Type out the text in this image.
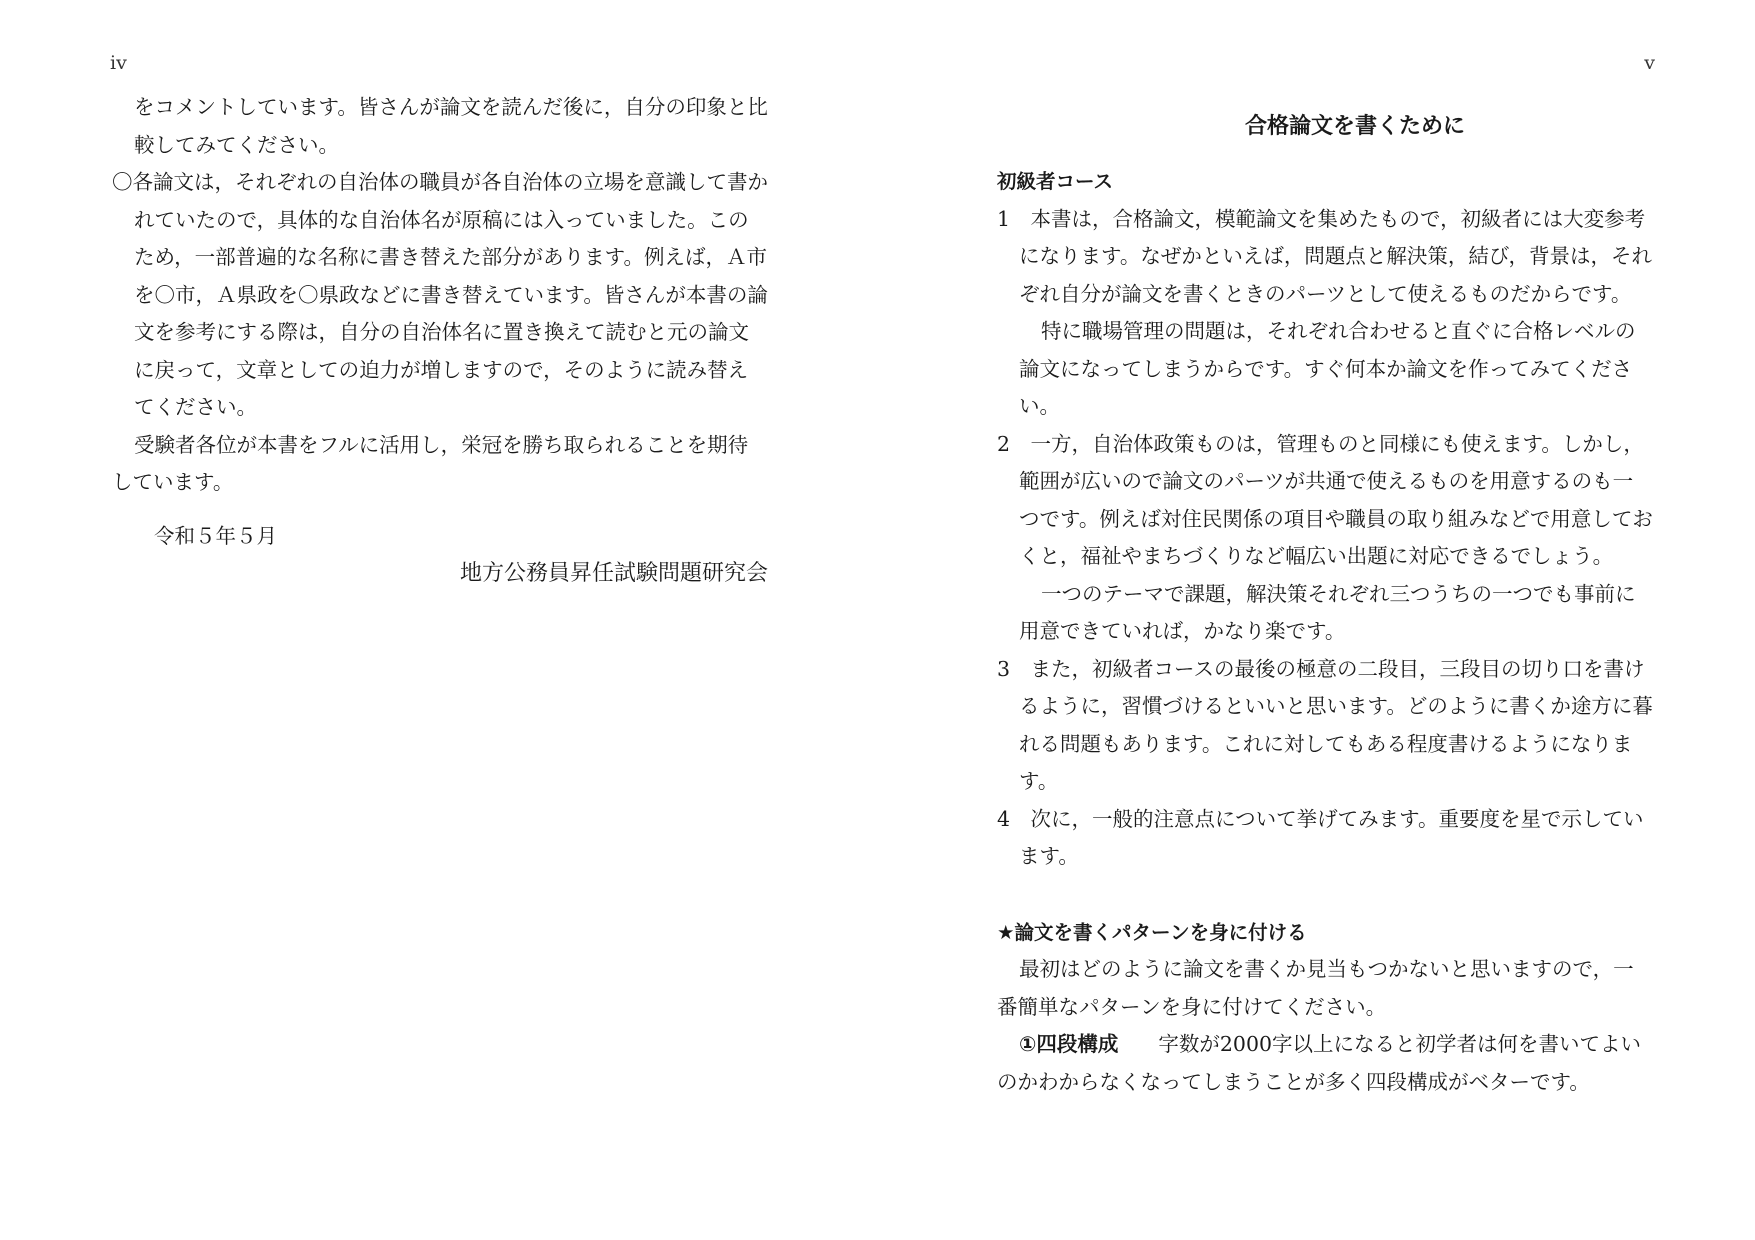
iv

をコメントしています。皆さんが論文を読んだ後に，自分の印象と比較してみてください。

〇各論文は，それぞれの自治体の職員が各自治体の立場を意識して書かれていたので，具体的な自治体名が原稿には入っていました。このため，一部普遍的な名称に書き替えた部分があります。例えば，Ａ市を〇市，Ａ県政を〇県政などに書き替えています。皆さんが本書の論文を参考にする際は，自分の自治体名に置き換えて読むと元の論文に戻って，文章としての迫力が増しますので，そのように読み替えてください。

受験者各位が本書をフルに活用し，栄冠を勝ち取られることを期待しています。

令和５年５月

地方公務員昇任試験問題研究会

v

合格論文を書くために

初級者コース

1　本書は，合格論文，模範論文を集めたもので，初級者には大変参考になります。なぜかといえば，問題点と解決策，結び，背景は，それぞれ自分が論文を書くときのパーツとして使えるものだからです。

特に職場管理の問題は，それぞれ合わせると直ぐに合格レベルの論文になってしまうからです。すぐ何本か論文を作ってみてください。

2　一方，自治体政策ものは，管理ものと同様にも使えます。しかし，範囲が広いので論文のパーツが共通で使えるものを用意するのも一つです。例えば対住民関係の項目や職員の取り組みなどで用意しておくと，福祉やまちづくりなど幅広い出題に対応できるでしょう。

一つのテーマで課題，解決策それぞれ三つうちの一つでも事前に用意できていれば，かなり楽です。

3　また，初級者コースの最後の極意の二段目，三段目の切り口を書けるように，習慣づけるといいと思います。どのように書くか途方に暮れる問題もあります。これに対してもある程度書けるようになります。

4　次に，一般的注意点について挙げてみます。重要度を星で示しています。

★論文を書くパターンを身に付ける

最初はどのように論文を書くか見当もつかないと思いますので，一番簡単なパターンを身に付けてください。

①四段構成 字数が2000字以上になると初学者は何を書いてよいのかわからなくなってしまうことが多く四段構成がベターです。
